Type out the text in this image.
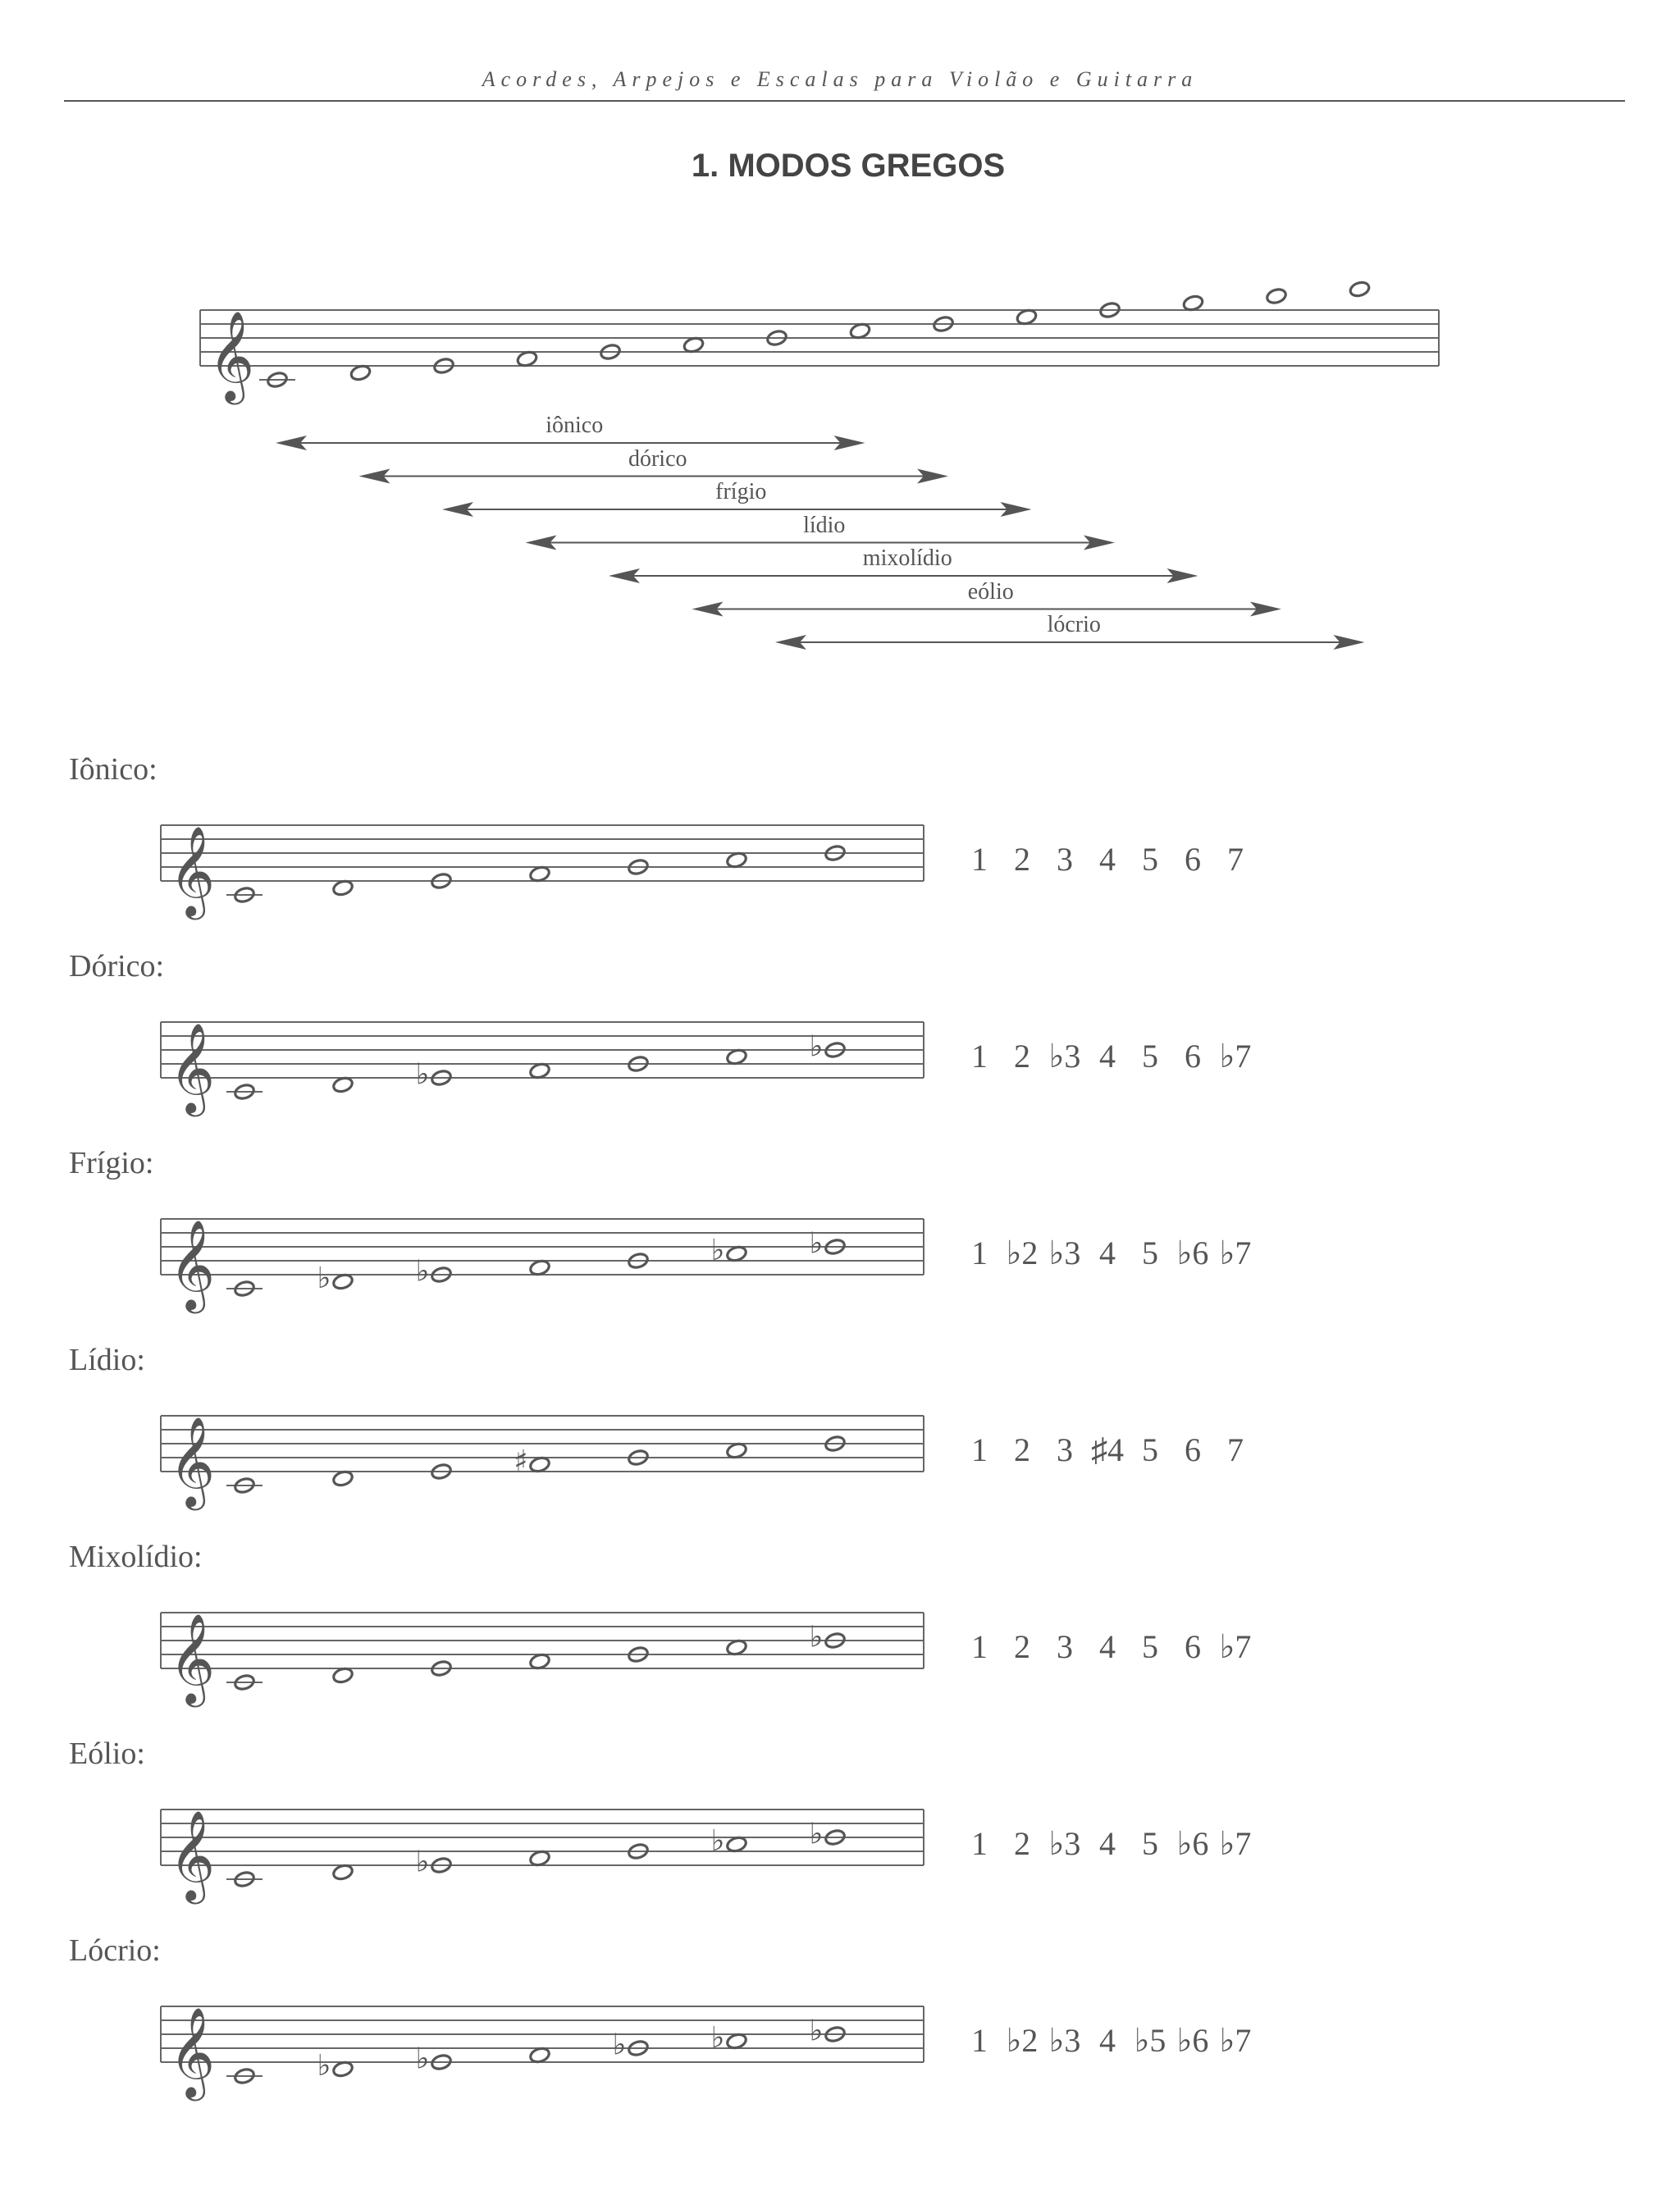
Acordes, Arpejos e Escalas para Violão e Guitarra
1. MODOS GREGOS
𝄞
iônico
dórico
frígio
lídio
mixolídio
eólio
lócrio
𝄞
𝄞	♭
♭
𝄞	♭	♭
♭	♭
𝄞	♯
𝄞	♭
𝄞	♭
♭	♭
𝄞	♭	♭	♭	♭	♭
Iônico:
1 2 3 4 5 6 7
Dórico:
1 2 ♭3 4 5 6 ♭7
Frígio:
1 ♭2 ♭3 4 5 ♭6 ♭7
Lídio:
1 2 3 ♯4 5 6 7
Mixolídio:
1 2 3 4 5 6 ♭7
Eólio:
1 2 ♭3 4 5 ♭6 ♭7
Lócrio:
1 ♭2 ♭3 4 ♭5 ♭6 ♭7
